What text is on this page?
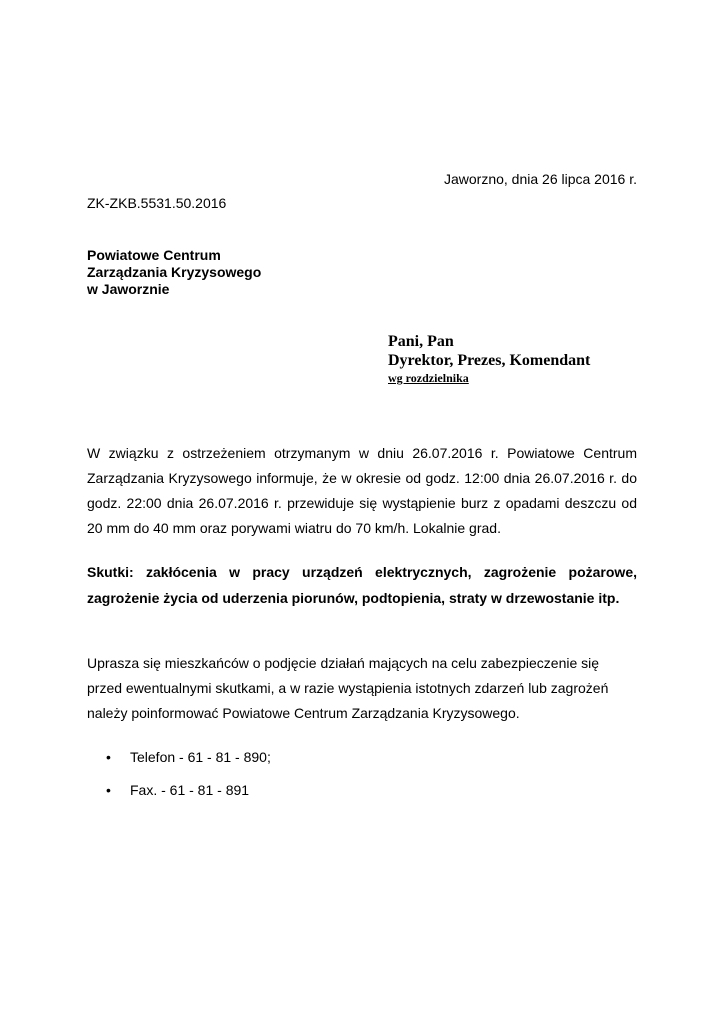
Jaworzno, dnia 26 lipca 2016 r.
ZK-ZKB.5531.50.2016
Powiatowe Centrum
Zarządzania Kryzysowego
w Jaworznie
Pani, Pan
Dyrektor, Prezes, Komendant
wg rozdzielnika
W związku z ostrzeżeniem otrzymanym w dniu 26.07.2016 r. Powiatowe Centrum Zarządzania Kryzysowego informuje, że w okresie od godz. 12:00 dnia 26.07.2016 r. do godz. 22:00 dnia 26.07.2016 r. przewiduje się wystąpienie burz z opadami deszczu od 20 mm do 40 mm oraz porywami wiatru do 70 km/h. Lokalnie grad.
Skutki: zakłócenia w pracy urządzeń elektrycznych, zagrożenie pożarowe, zagrożenie życia od uderzenia piorunów, podtopienia, straty w drzewostanie itp.
Uprasza się mieszkańców o podjęcie działań mających na celu zabezpieczenie się przed ewentualnymi skutkami, a w razie wystąpienia istotnych zdarzeń lub zagrożeń należy poinformować Powiatowe Centrum Zarządzania Kryzysowego.
• Telefon - 61 - 81 - 890;
• Fax. - 61 - 81 - 891
